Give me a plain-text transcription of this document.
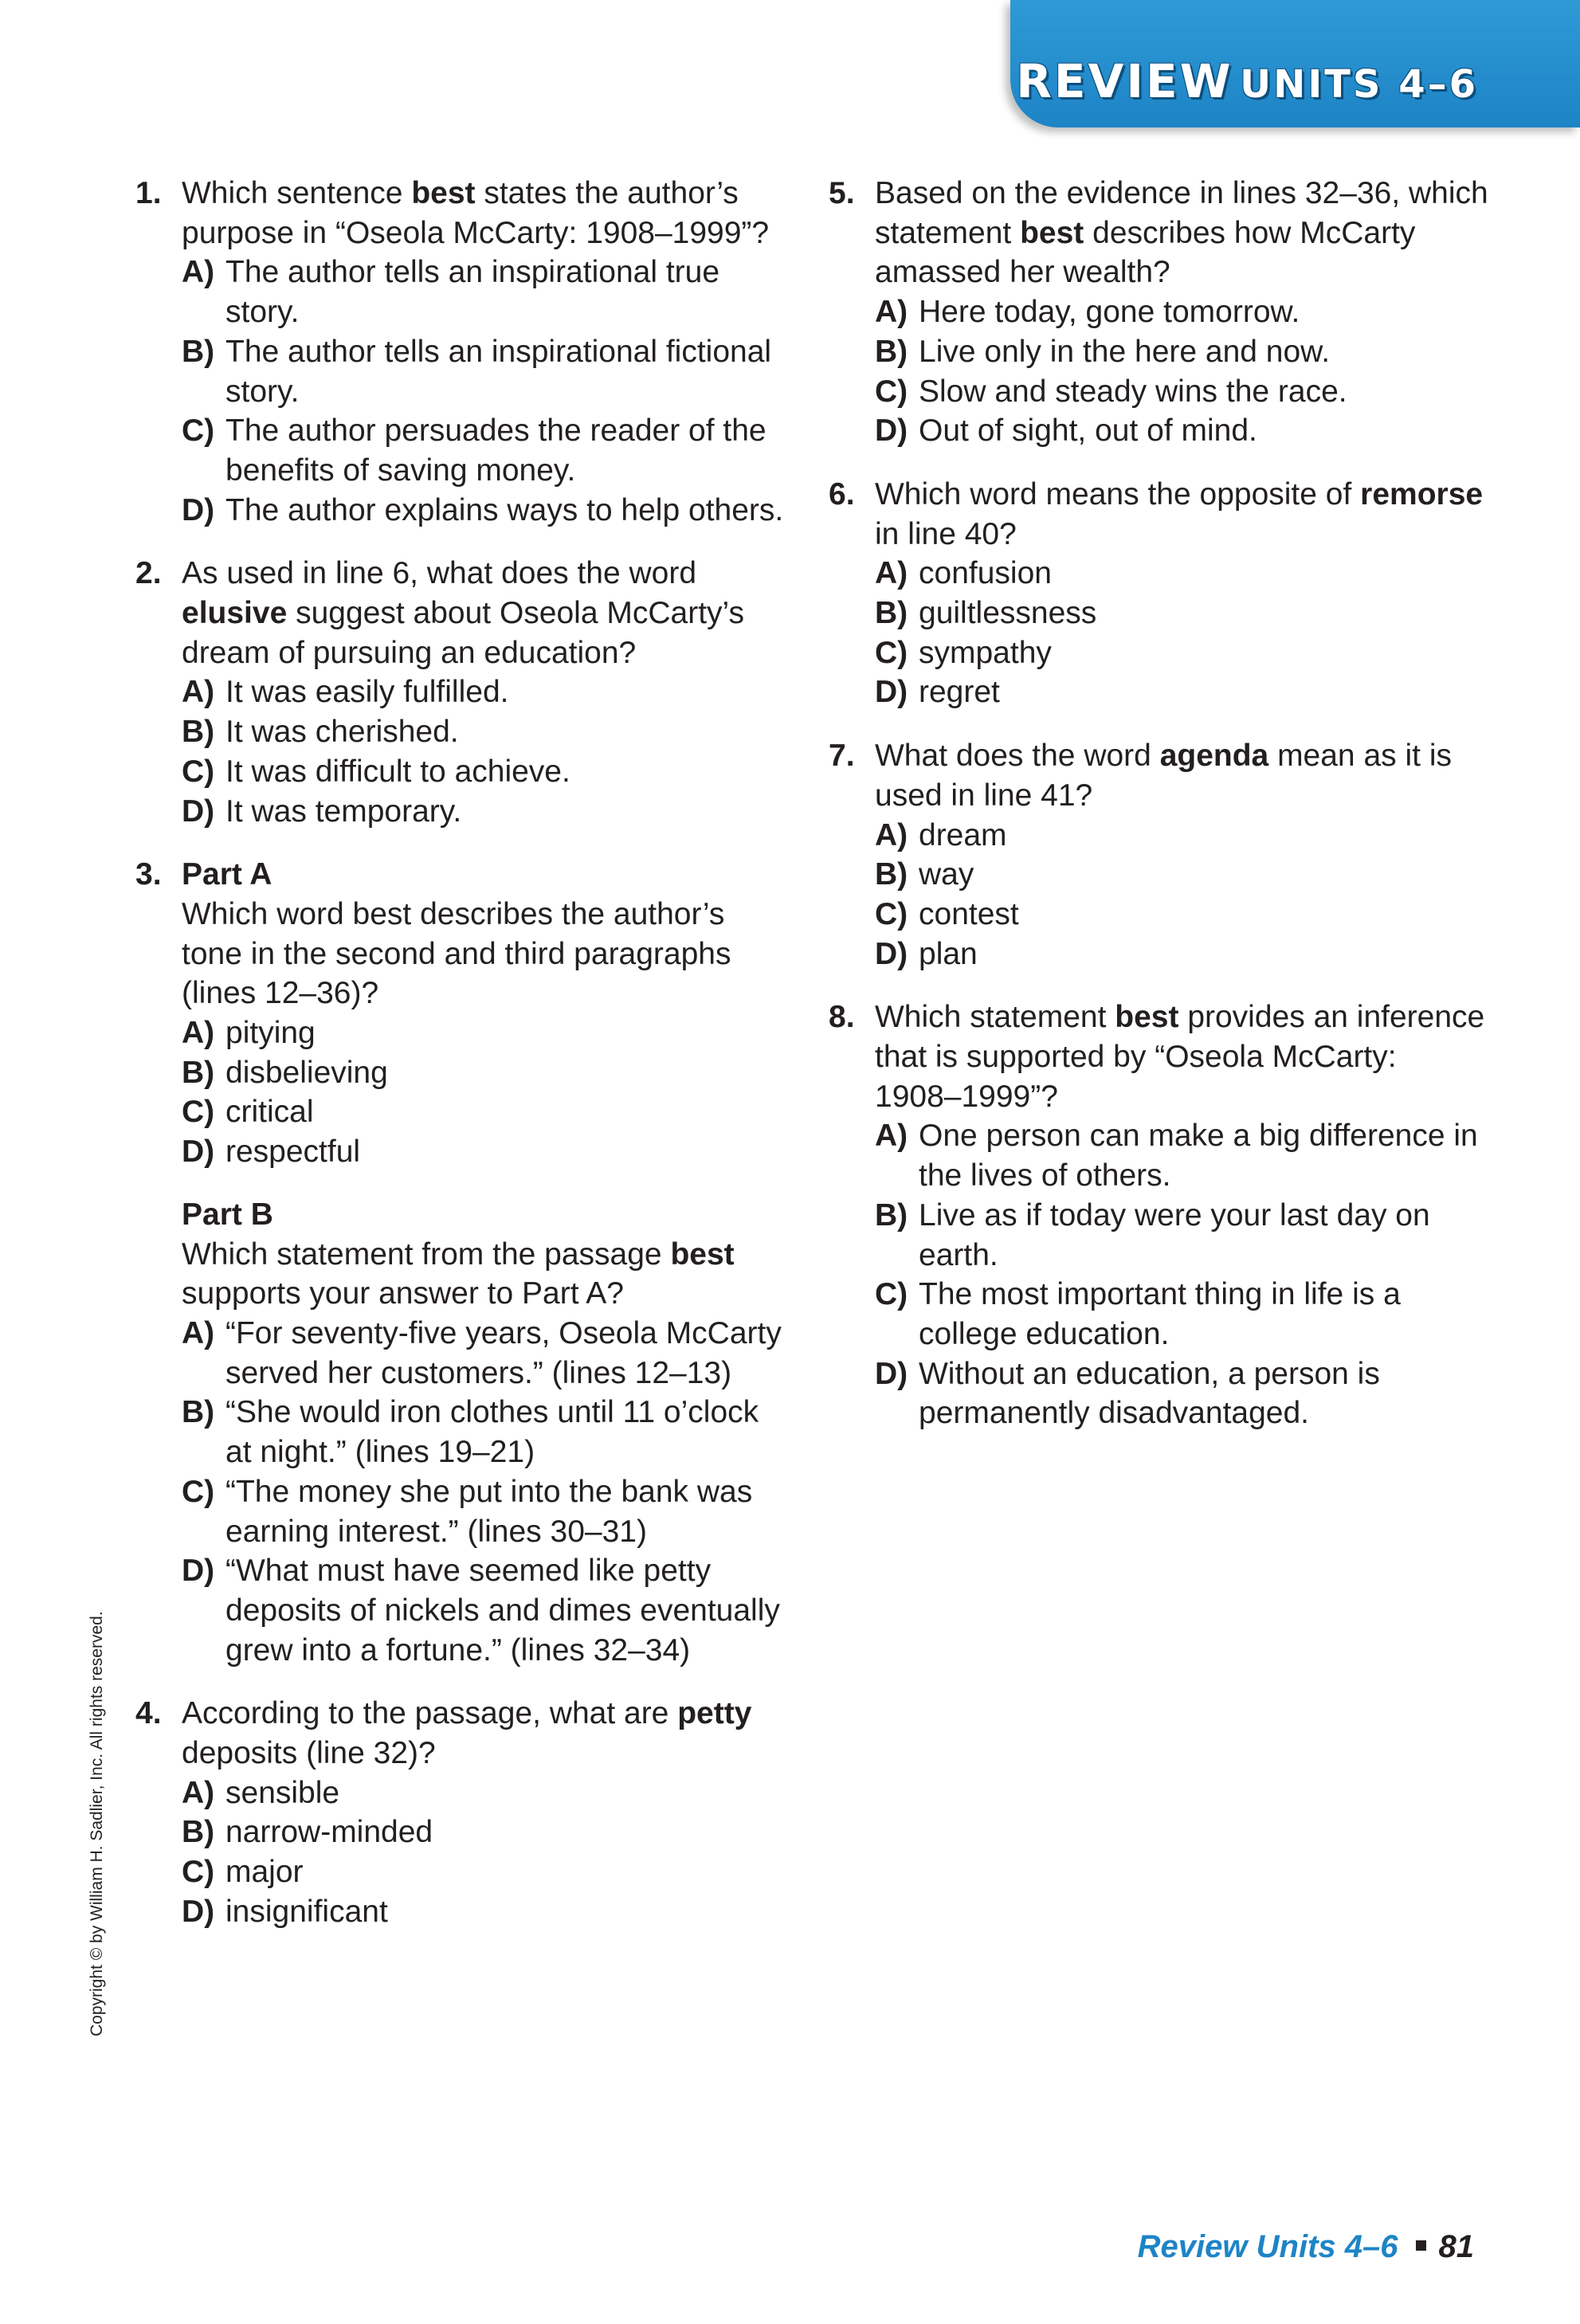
REVIEW UNITS 4–6
1. Which sentence best states the author’s purpose in “Oseola McCarty: 1908–1999”?
A) The author tells an inspirational true story.
B) The author tells an inspirational fictional story.
C) The author persuades the reader of the benefits of saving money.
D) The author explains ways to help others.
2. As used in line 6, what does the word elusive suggest about Oseola McCarty’s dream of pursuing an education?
A) It was easily fulfilled.
B) It was cherished.
C) It was difficult to achieve.
D) It was temporary.
3. Part A
Which word best describes the author’s tone in the second and third paragraphs (lines 12–36)?
A) pitying
B) disbelieving
C) critical
D) respectful
Part B
Which statement from the passage best supports your answer to Part A?
A) “For seventy-five years, Oseola McCarty served her customers.” (lines 12–13)
B) “She would iron clothes until 11 o’clock at night.” (lines 19–21)
C) “The money she put into the bank was earning interest.” (lines 30–31)
D) “What must have seemed like petty deposits of nickels and dimes eventually grew into a fortune.” (lines 32–34)
4. According to the passage, what are petty deposits (line 32)?
A) sensible
B) narrow-minded
C) major
D) insignificant
5. Based on the evidence in lines 32–36, which statement best describes how McCarty amassed her wealth?
A) Here today, gone tomorrow.
B) Live only in the here and now.
C) Slow and steady wins the race.
D) Out of sight, out of mind.
6. Which word means the opposite of remorse in line 40?
A) confusion
B) guiltlessness
C) sympathy
D) regret
7. What does the word agenda mean as it is used in line 41?
A) dream
B) way
C) contest
D) plan
8. Which statement best provides an inference that is supported by “Oseola McCarty: 1908–1999”?
A) One person can make a big difference in the lives of others.
B) Live as if today were your last day on earth.
C) The most important thing in life is a college education.
D) Without an education, a person is permanently disadvantaged.
Copyright © by William H. Sadlier, Inc. All rights reserved.
Review Units 4–6 81
